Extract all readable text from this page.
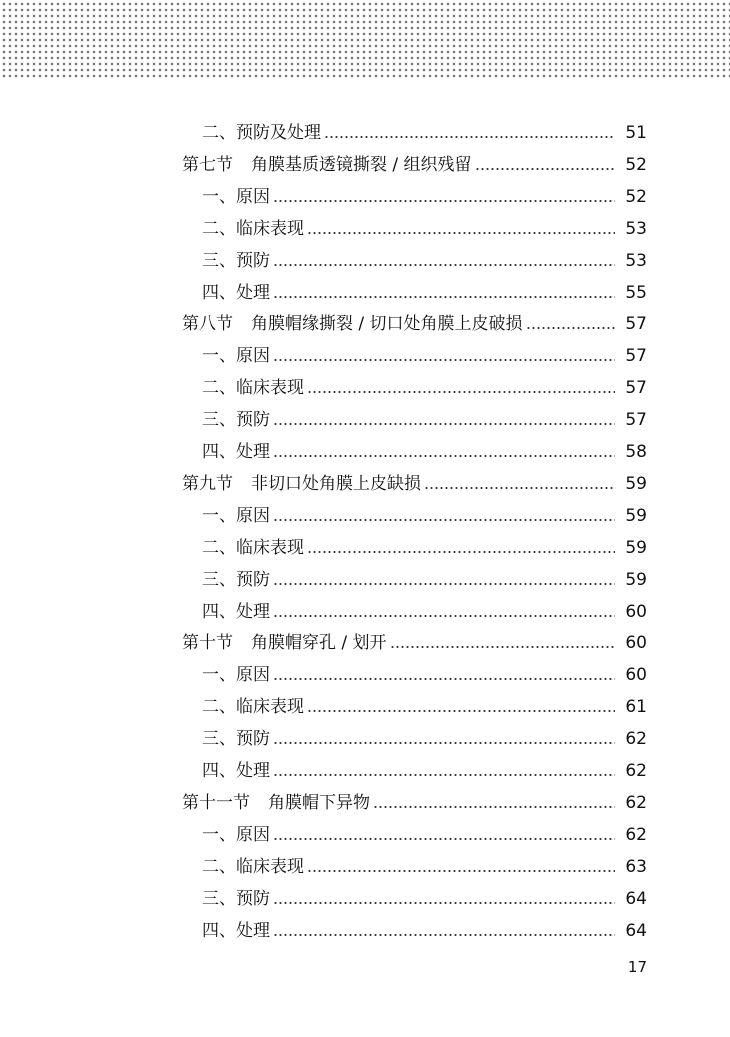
二、预防及处理	51
第七节 角膜基质透镜撕裂 / 组织残留	52
一、原因	52
二、临床表现	53
三、预防	53
四、处理	55
第八节 角膜帽缘撕裂 / 切口处角膜上皮破损	57
一、原因	57
二、临床表现	57
三、预防	57
四、处理	58
第九节 非切口处角膜上皮缺损	59
一、原因	59
二、临床表现	59
三、预防	59
四、处理	60
第十节 角膜帽穿孔 / 划开	60
一、原因	60
二、临床表现	61
三、预防	62
四、处理	62
第十一节 角膜帽下异物	62
一、原因	62
二、临床表现	63
三、预防	64
四、处理	64
17
